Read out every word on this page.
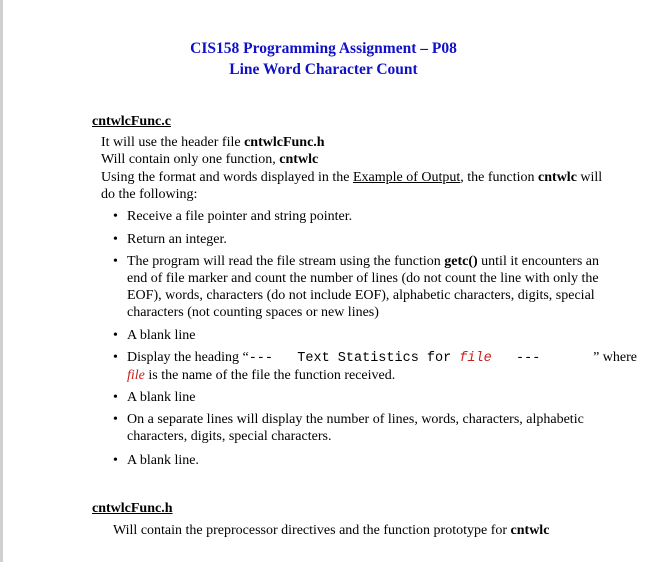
CIS158 Programming Assignment – P08
Line Word Character Count
cntwlcFunc.c
It will use the header file cntwlcFunc.h
Will contain only one function, cntwlc
Using the format and words displayed in the Example of Output, the function cntwlc will
do the following:
• Receive a file pointer and string pointer.
• Return an integer.
• The program will read the file stream using the function getc() until it encounters an
end of file marker and count the number of lines (do not count the line with only the
EOF), words, characters (do not include EOF), alphabetic characters, digits, special
characters (not counting spaces or new lines)
• A blank line
• Display the heading “---   Text Statistics for file   ---	” where
file is the name of the file the function received.
• A blank line
• On a separate lines will display the number of lines, words, characters, alphabetic
characters, digits, special characters.
• A blank line.
cntwlcFunc.h
Will contain the preprocessor directives and the function prototype for cntwlc
